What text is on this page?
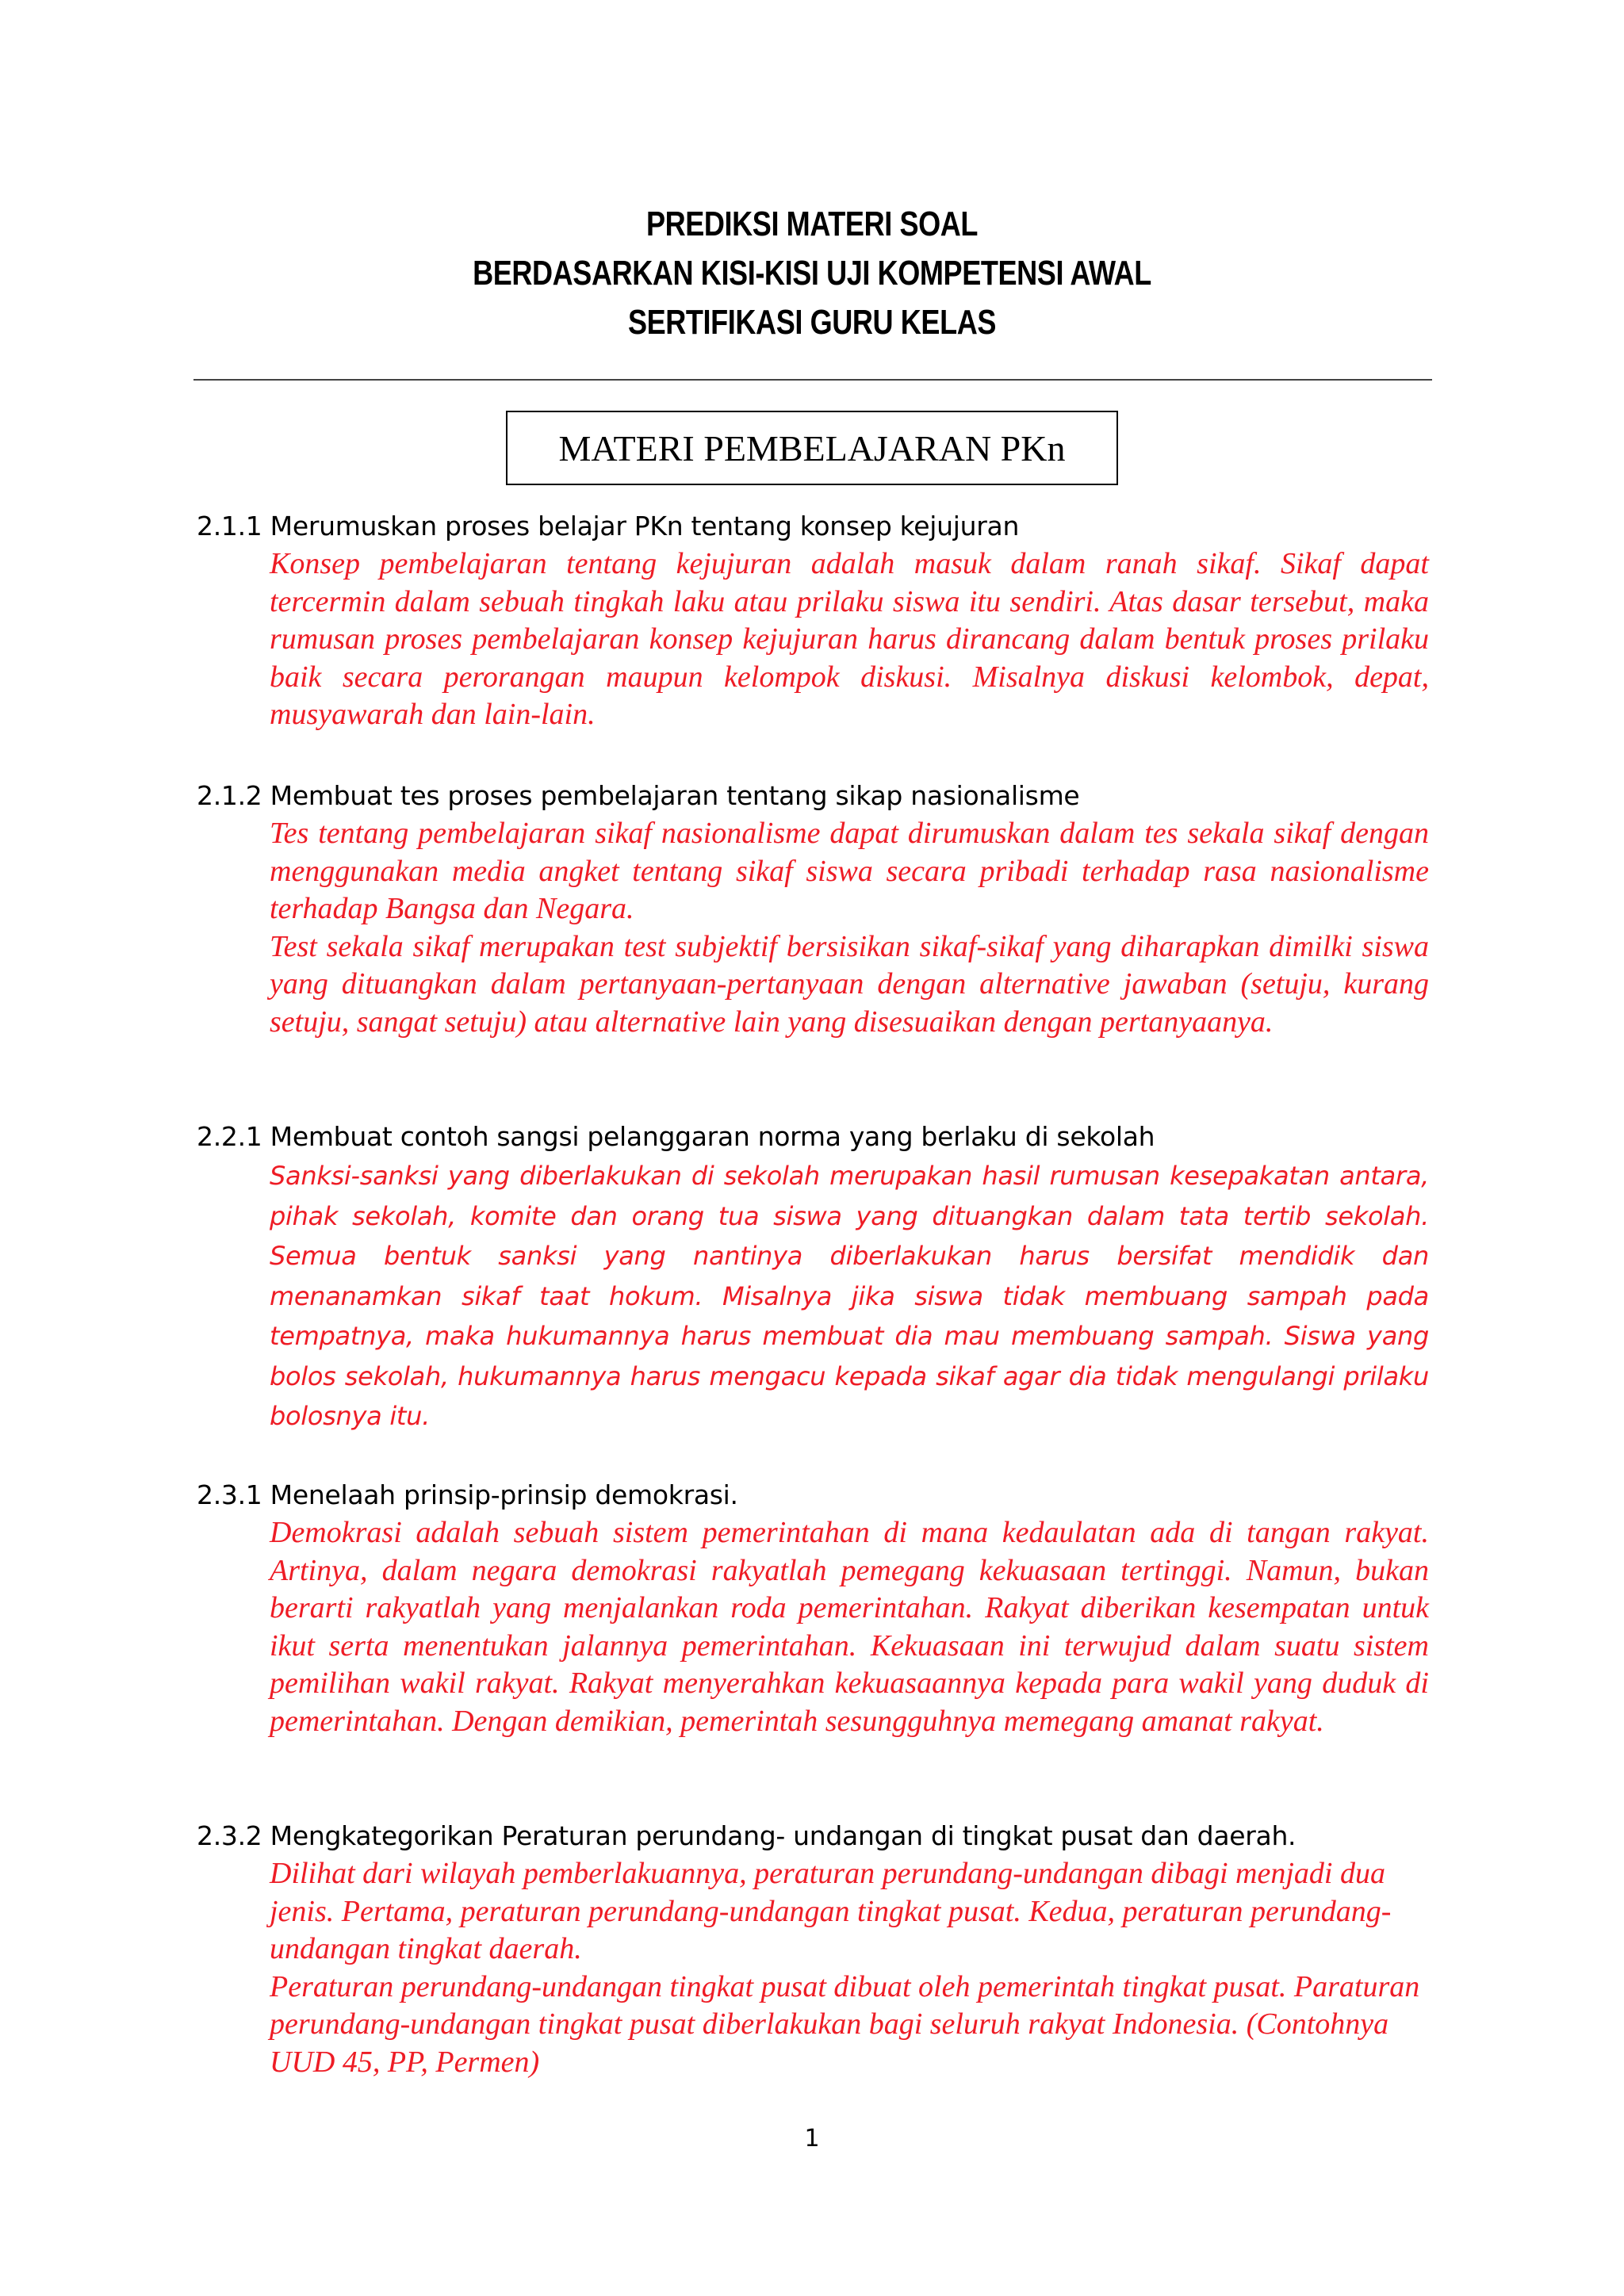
PREDIKSI MATERI SOAL
BERDASARKAN KISI-KISI UJI KOMPETENSI AWAL
SERTIFIKASI GURU KELAS
MATERI PEMBELAJARAN PKn
2.1.1 Merumuskan proses belajar PKn tentang konsep kejujuran

Konsep pembelajaran tentang kejujuran adalah masuk dalam ranah sikaf. Sikaf dapat tercermin dalam sebuah tingkah laku atau prilaku siswa itu sendiri. Atas dasar tersebut, maka rumusan proses pembelajaran konsep kejujuran harus dirancang dalam bentuk proses prilaku baik secara perorangan maupun kelompok diskusi. Misalnya diskusi kelombok, depat, musyawarah dan lain-lain.

2.1.2 Membuat tes proses pembelajaran tentang sikap nasionalisme

Tes tentang pembelajaran sikaf nasionalisme dapat dirumuskan dalam tes sekala sikaf dengan menggunakan media angket tentang sikaf siswa secara pribadi terhadap rasa nasionalisme terhadap Bangsa dan Negara.

Test sekala sikaf merupakan test subjektif bersisikan sikaf-sikaf yang diharapkan dimilki siswa yang dituangkan dalam pertanyaan-pertanyaan dengan alternative jawaban (setuju, kurang setuju, sangat setuju) atau alternative lain yang disesuaikan dengan pertanyaanya.

2.2.1 Membuat contoh sangsi pelanggaran norma yang berlaku di sekolah

Sanksi-sanksi yang diberlakukan di sekolah merupakan hasil rumusan kesepakatan antara, pihak sekolah, komite dan orang tua siswa yang dituangkan dalam tata tertib sekolah. Semua bentuk sanksi yang nantinya diberlakukan harus bersifat mendidik dan menanamkan sikaf taat hokum. Misalnya jika siswa tidak membuang sampah pada tempatnya, maka hukumannya harus membuat dia mau membuang sampah. Siswa yang bolos sekolah, hukumannya harus mengacu kepada sikaf agar dia tidak mengulangi prilaku bolosnya itu.

2.3.1 Menelaah prinsip-prinsip demokrasi.

Demokrasi adalah sebuah sistem pemerintahan di mana kedaulatan ada di tangan rakyat. Artinya, dalam negara demokrasi rakyatlah pemegang kekuasaan tertinggi. Namun, bukan berarti rakyatlah yang menjalankan roda pemerintahan. Rakyat diberikan kesempatan untuk ikut serta menentukan jalannya pemerintahan. Kekuasaan ini terwujud dalam suatu sistem pemilihan wakil rakyat. Rakyat menyerahkan kekuasaannya kepada para wakil yang duduk di pemerintahan. Dengan demikian, pemerintah sesungguhnya memegang amanat rakyat.

2.3.2 Mengkategorikan Peraturan perundang- undangan di tingkat pusat dan daerah.

Dilihat dari wilayah pemberlakuannya, peraturan perundang-undangan dibagi menjadi dua jenis. Pertama, peraturan perundang-undangan tingkat pusat. Kedua, peraturan perundang-undangan tingkat daerah.

Peraturan perundang-undangan tingkat pusat dibuat oleh pemerintah tingkat pusat. Paraturan perundang-undangan tingkat pusat diberlakukan bagi seluruh rakyat Indonesia. (Contohnya UUD 45, PP, Permen)

1
